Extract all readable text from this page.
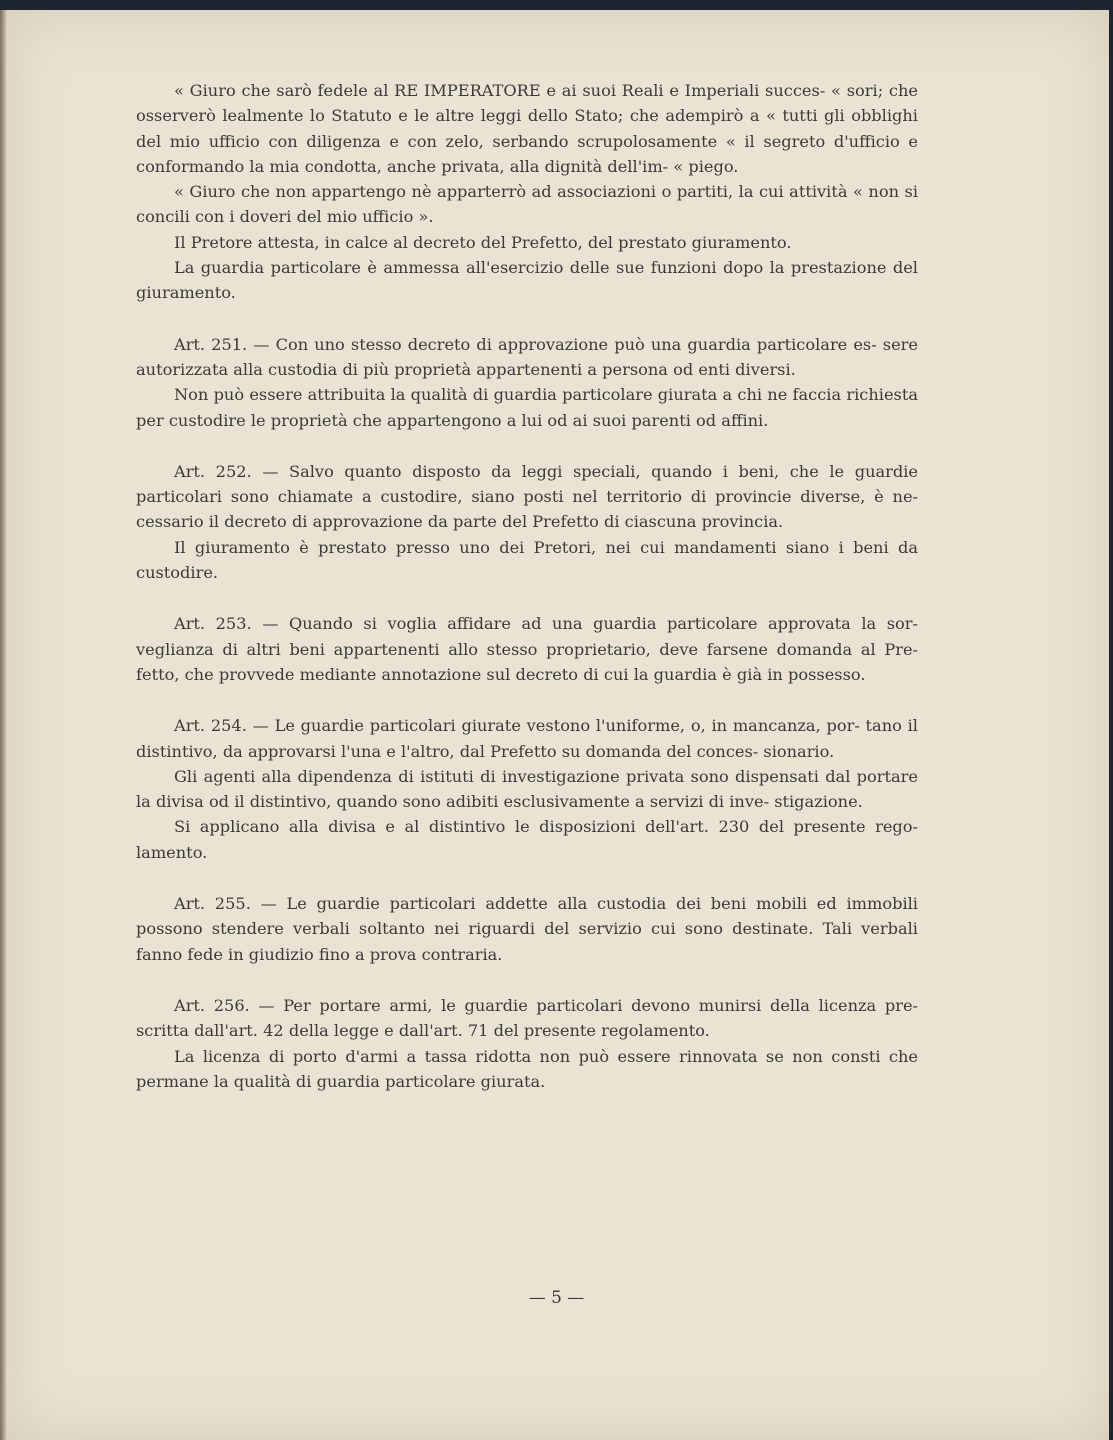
« Giuro che sarò fedele al RE IMPERATORE e ai suoi Reali e Imperiali succes- « sori; che osserverò lealmente lo Statuto e le altre leggi dello Stato; che adempirò a « tutti gli obblighi del mio ufficio con diligenza e con zelo, serbando scrupolosamente « il segreto d'ufficio e conformando la mia condotta, anche privata, alla dignità dell'im- « piego.

« Giuro che non appartengo nè apparterrò ad associazioni o partiti, la cui attività « non si concili con i doveri del mio ufficio ».

Il Pretore attesta, in calce al decreto del Prefetto, del prestato giuramento.

La guardia particolare è ammessa all'esercizio delle sue funzioni dopo la prestazione del giuramento.

Art. 251. — Con uno stesso decreto di approvazione può una guardia particolare es- sere autorizzata alla custodia di più proprietà appartenenti a persona od enti diversi.

Non può essere attribuita la qualità di guardia particolare giurata a chi ne faccia richiesta per custodire le proprietà che appartengono a lui od ai suoi parenti od affini.

Art. 252. — Salvo quanto disposto da leggi speciali, quando i beni, che le guardie particolari sono chiamate a custodire, siano posti nel territorio di provincie diverse, è ne- cessario il decreto di approvazione da parte del Prefetto di ciascuna provincia.

Il giuramento è prestato presso uno dei Pretori, nei cui mandamenti siano i beni da custodire.

Art. 253. — Quando si voglia affidare ad una guardia particolare approvata la sor- veglianza di altri beni appartenenti allo stesso proprietario, deve farsene domanda al Pre- fetto, che provvede mediante annotazione sul decreto di cui la guardia è già in possesso.

Art. 254. — Le guardie particolari giurate vestono l'uniforme, o, in mancanza, por- tano il distintivo, da approvarsi l'una e l'altro, dal Prefetto su domanda del conces- sionario.

Gli agenti alla dipendenza di istituti di investigazione privata sono dispensati dal portare la divisa od il distintivo, quando sono adibiti esclusivamente a servizi di inve- stigazione.

Si applicano alla divisa e al distintivo le disposizioni dell'art. 230 del presente rego- lamento.

Art. 255. — Le guardie particolari addette alla custodia dei beni mobili ed immobili possono stendere verbali soltanto nei riguardi del servizio cui sono destinate. Tali verbali fanno fede in giudizio fino a prova contraria.

Art. 256. — Per portare armi, le guardie particolari devono munirsi della licenza pre- scritta dall'art. 42 della legge e dall'art. 71 del presente regolamento.

La licenza di porto d'armi a tassa ridotta non può essere rinnovata se non consti che permane la qualità di guardia particolare giurata.

— 5 —
